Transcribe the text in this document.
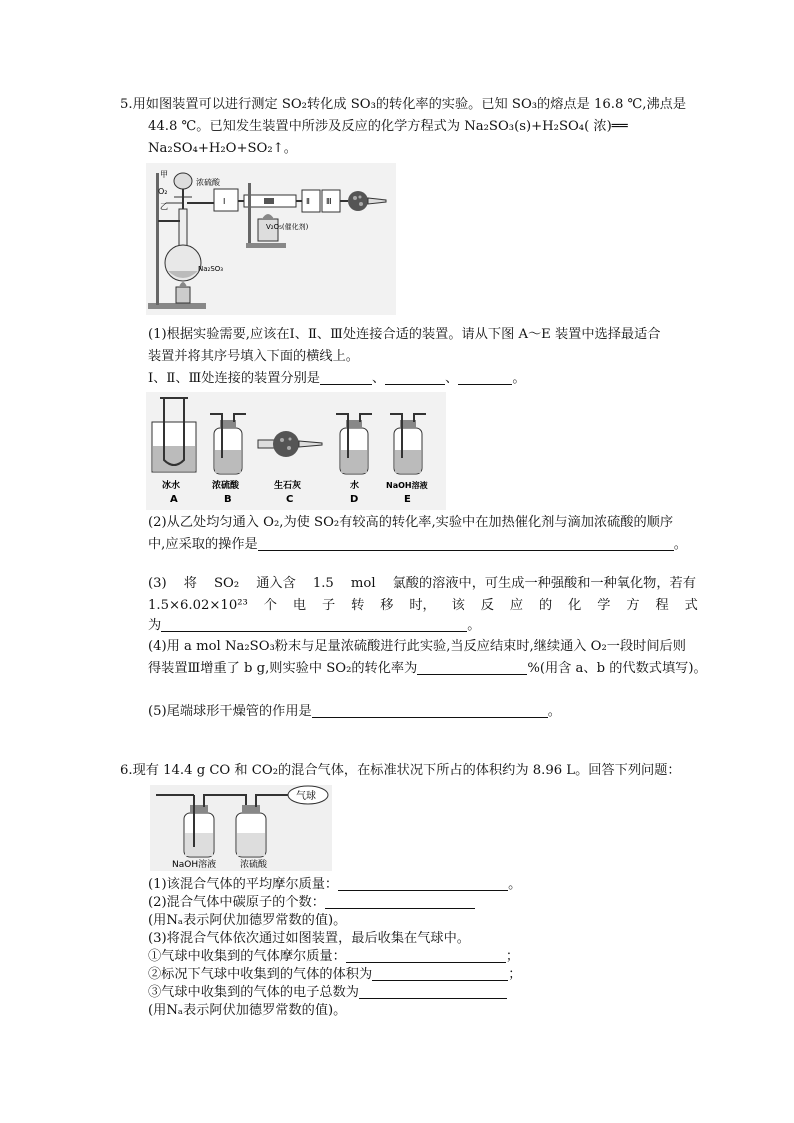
5.用如图装置可以进行测定 SO₂转化成 SO₃的转化率的实验。已知 SO₃的熔点是 16.8 ℃,沸点是
44.8 ℃。已知发生装置中所涉及反应的化学方程式为 Na₂SO₃(s)+H₂SO₄( 浓)══
Na₂SO₄+H₂O+SO₂↑。
甲
O₂
乙
浓硫酸
Na₂SO₃
V₂O₅(催化剂)
Ⅰ	Ⅱ Ⅲ
(1)根据实验需要,应该在Ⅰ、Ⅱ、Ⅲ处连接合适的装置。请从下图 A～E 装置中选择最适合
装置并将其序号填入下面的横线上。
Ⅰ、Ⅱ、Ⅲ处连接的装置分别是	、	、	。
冰水
A
浓硫酸
B
生石灰
C
水
D
NaOH溶液
E
(2)从乙处均匀通入 O₂,为使 SO₂有较高的转化率,实验中在加热催化剂与滴加浓硫酸的顺序
中,应采取的操作是	。
(3) 将 SO₂ 通入含 1.5 mol 氯酸的溶液中，可生成一种强酸和一种氧化物，若有
1.5×6.02×10²³ 个 电 子 转 移 时， 该 反 应 的 化 学 方 程 式
为	。
(4)用 a mol Na₂SO₃粉末与足量浓硫酸进行此实验,当反应结束时,继续通入 O₂一段时间后则
得装置Ⅲ增重了 b g,则实验中 SO₂的转化率为	%(用含 a、b 的代数式填写)。
(5)尾端球形干燥管的作用是	。
6.现有 14.4 g CO 和 CO₂的混合气体，在标准状况下所占的体积约为 8.96 L。回答下列问题：
气球
NaOH溶液	浓硫酸
(1)该混合气体的平均摩尔质量：	。
(2)混合气体中碳原子的个数：
(用Nₐ表示阿伏加德罗常数的值)。
(3)将混合气体依次通过如图装置，最后收集在气球中。
①气球中收集到的气体摩尔质量：	；
②标况下气球中收集到的气体的体积为	；
③气球中收集到的气体的电子总数为
(用Nₐ表示阿伏加德罗常数的值)。
